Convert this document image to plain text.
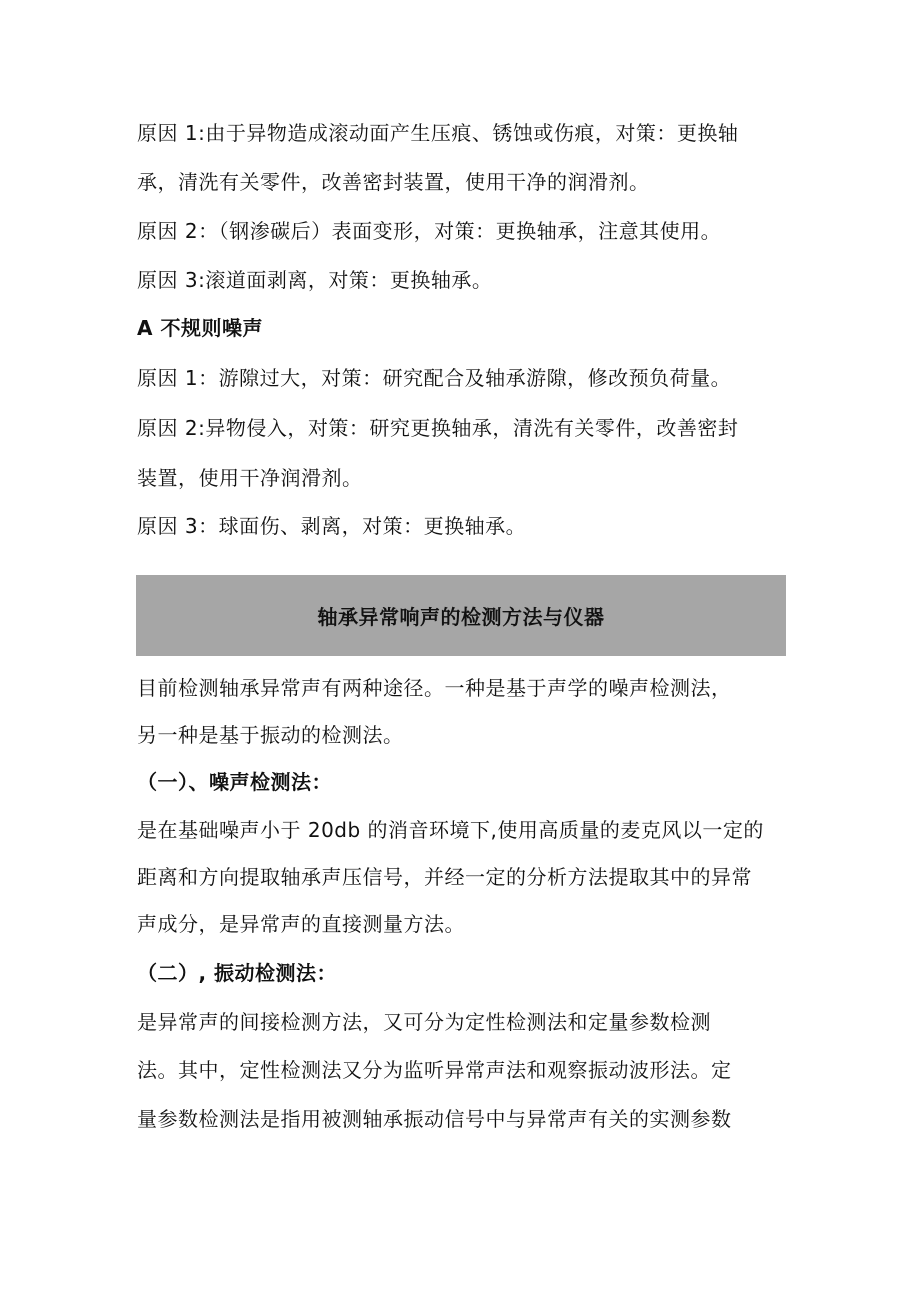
原因 1:由于异物造成滚动面产生压痕、锈蚀或伤痕，对策：更换轴
承，清洗有关零件，改善密封装置，使用干净的润滑剂。
原因 2：（钢渗碳后）表面变形，对策：更换轴承，注意其使用。
原因 3:滚道面剥离，对策：更换轴承。
A 不规则噪声
原因 1：游隙过大，对策：研究配合及轴承游隙，修改预负荷量。
原因 2:异物侵入，对策：研究更换轴承，清洗有关零件，改善密封
装置，使用干净润滑剂。
原因 3：球面伤、剥离，对策：更换轴承。
轴承异常响声的检测方法与仪器
目前检测轴承异常声有两种途径。一种是基于声学的噪声检测法，
另一种是基于振动的检测法。
（一）、噪声检测法：
是在基础噪声小于 20db 的消音环境下,使用高质量的麦克风以一定的
距离和方向提取轴承声压信号，并经一定的分析方法提取其中的异常
声成分，是异常声的直接测量方法。
（二）, 振动检测法：
是异常声的间接检测方法，又可分为定性检测法和定量参数检测
法。其中，定性检测法又分为监听异常声法和观察振动波形法。定
量参数检测法是指用被测轴承振动信号中与异常声有关的实测参数
